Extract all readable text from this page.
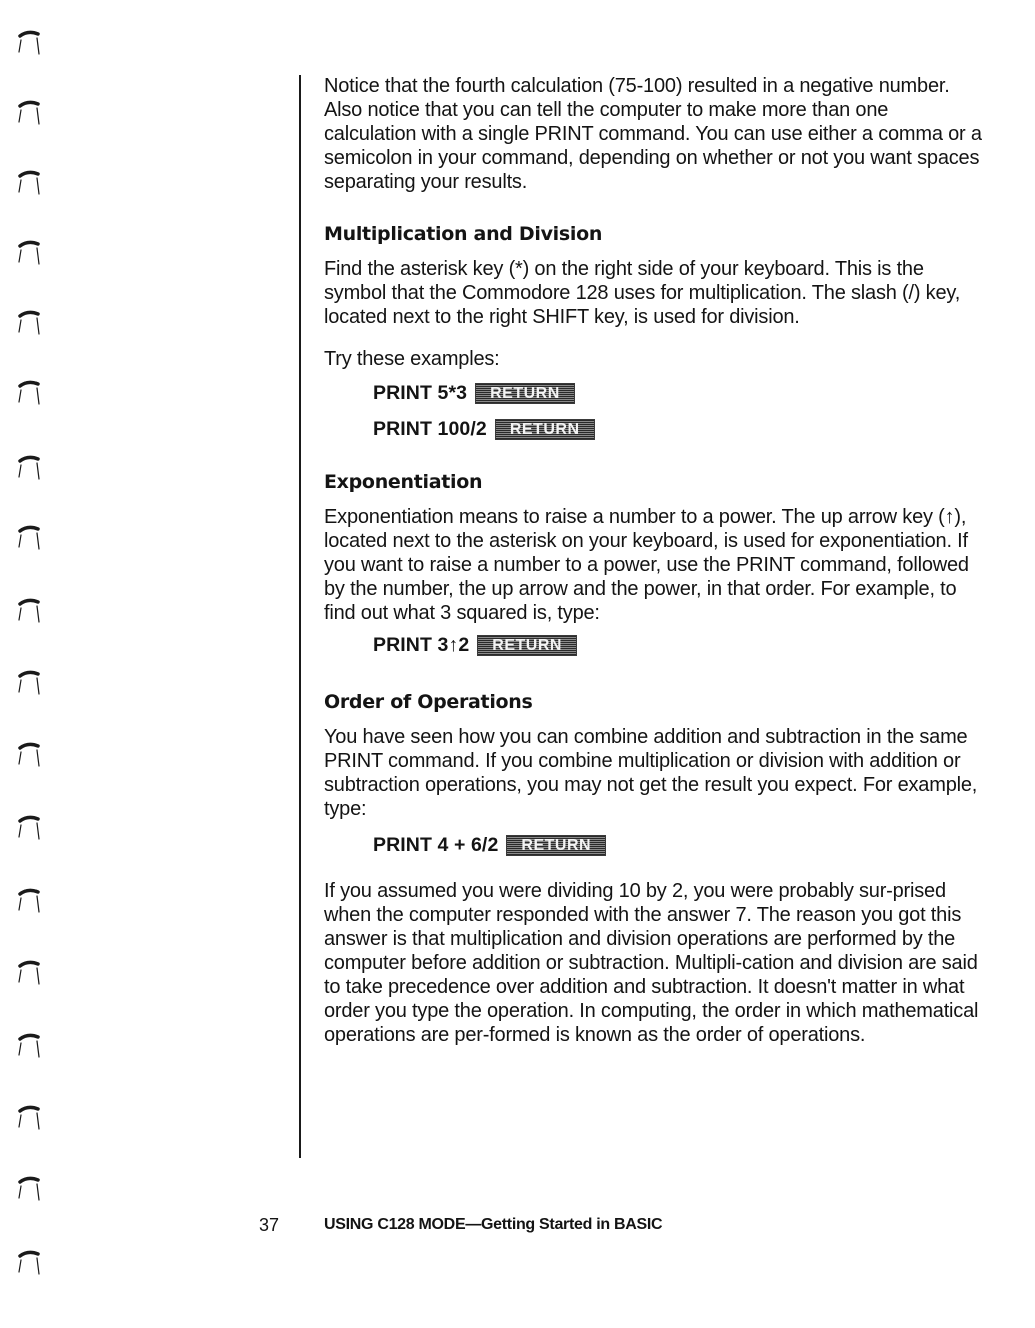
Notice that the fourth calculation (75-100) resulted in a negative number. Also notice that you can tell the computer to make more than one calculation with a single PRINT command. You can use either a comma or a semicolon in your command, depending on whether or not you want spaces separating your results.

Multiplication and Division

Find the asterisk key (*) on the right side of your keyboard. This is the symbol that the Commodore 128 uses for multiplication. The slash (/) key, located next to the right SHIFT key, is used for division.

Try these examples:

PRINT 5*3	RETURN
PRINT 100/2	RETURN
Exponentiation

Exponentiation means to raise a number to a power. The up arrow key (↑), located next to the asterisk on your keyboard, is used for exponentiation. If you want to raise a number to a power, use the PRINT command, followed by the number, the up arrow and the power, in that order. For example, to find out what 3 squared is, type:

PRINT 3↑2	RETURN
Order of Operations

You have seen how you can combine addition and subtraction in the same PRINT command. If you combine multiplication or division with addition or subtraction operations, you may not get the result you expect. For example, type:

PRINT 4 + 6/2	RETURN

If you assumed you were dividing 10 by 2, you were probably sur-prised when the computer responded with the answer 7. The reason you got this answer is that multiplication and division operations are performed by the computer before addition or subtraction. Multipli-cation and division are said to take precedence over addition and subtraction. It doesn't matter in what order you type the operation. In computing, the order in which mathematical operations are per-formed is known as the order of operations.

37	USING C128 MODE—Getting Started in BASIC
